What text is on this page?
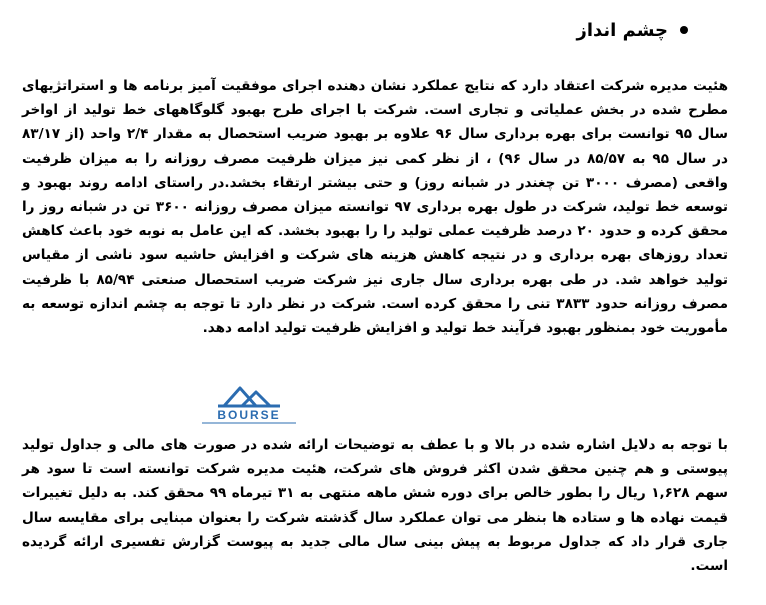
چشم انداز

هئیت مدیره شرکت اعتقاد دارد که نتایج عملکرد نشان دهنده اجرای موفقیت آمیز برنامه ها و استراتژیهای مطرح شده در بخش عملیاتی و تجاری است. شرکت با اجرای طرح بهبود گلوگاههای خط تولید از اواخر سال ۹۵ توانست برای بهره برداری سال ۹۶ علاوه بر بهبود ضریب استحصال به مقدار ۲/۴ واحد (از ۸۳/۱۷ در سال ۹۵ به ۸۵/۵۷ در سال ۹۶) ، از نظر کمی نیز میزان ظرفیت مصرف روزانه را به میزان ظرفیت واقعی (مصرف ۳۰۰۰ تن چغندر در شبانه روز) و حتی بیشتر ارتقاء بخشد.در راستای ادامه روند بهبود و توسعه خط تولید، شرکت در طول بهره برداری ۹۷ توانسته میزان مصرف روزانه ۳۶۰۰ تن در شبانه روز را محقق کرده و حدود ۲۰ درصد ظرفیت عملی تولید را را بهبود بخشد. که این عامل به نوبه خود باعث کاهش تعداد روزهای بهره برداری و در نتیجه کاهش هزینه های شرکت و افزایش حاشیه سود ناشی از مقیاس تولید خواهد شد. در طی بهره برداری سال جاری نیز شرکت ضریب استحصال صنعتی ۸۵/۹۴ با ظرفیت مصرف روزانه حدود ۳۸۳۳ تنی را محقق کرده است. شرکت در نظر دارد تا توجه به چشم اندازه توسعه به مأموریت خود بمنظور بهبود فرآیند خط تولید و افزایش ظرفیت تولید ادامه دهد.

BOURSE

با توجه به دلایل اشاره شده در بالا و با عطف به توضیحات ارائه شده در صورت های مالی و جداول تولید پیوستی و هم چنین محقق شدن اکثر فروش های شرکت، هئیت مدیره شرکت توانسته است تا سود هر سهم ۱,۶۲۸ ریال را بطور خالص برای دوره شش ماهه منتهی به ۳۱ تیرماه ۹۹ محقق کند. به دلیل تغییرات قیمت نهاده ها و ستاده ها بنظر می توان عملکرد سال گذشته شرکت را بعنوان مبنایی برای مقایسه سال جاری قرار داد که جداول مربوط به پیش بینی سال مالی جدید به پیوست گزارش تفسیری ارائه گردیده است.
